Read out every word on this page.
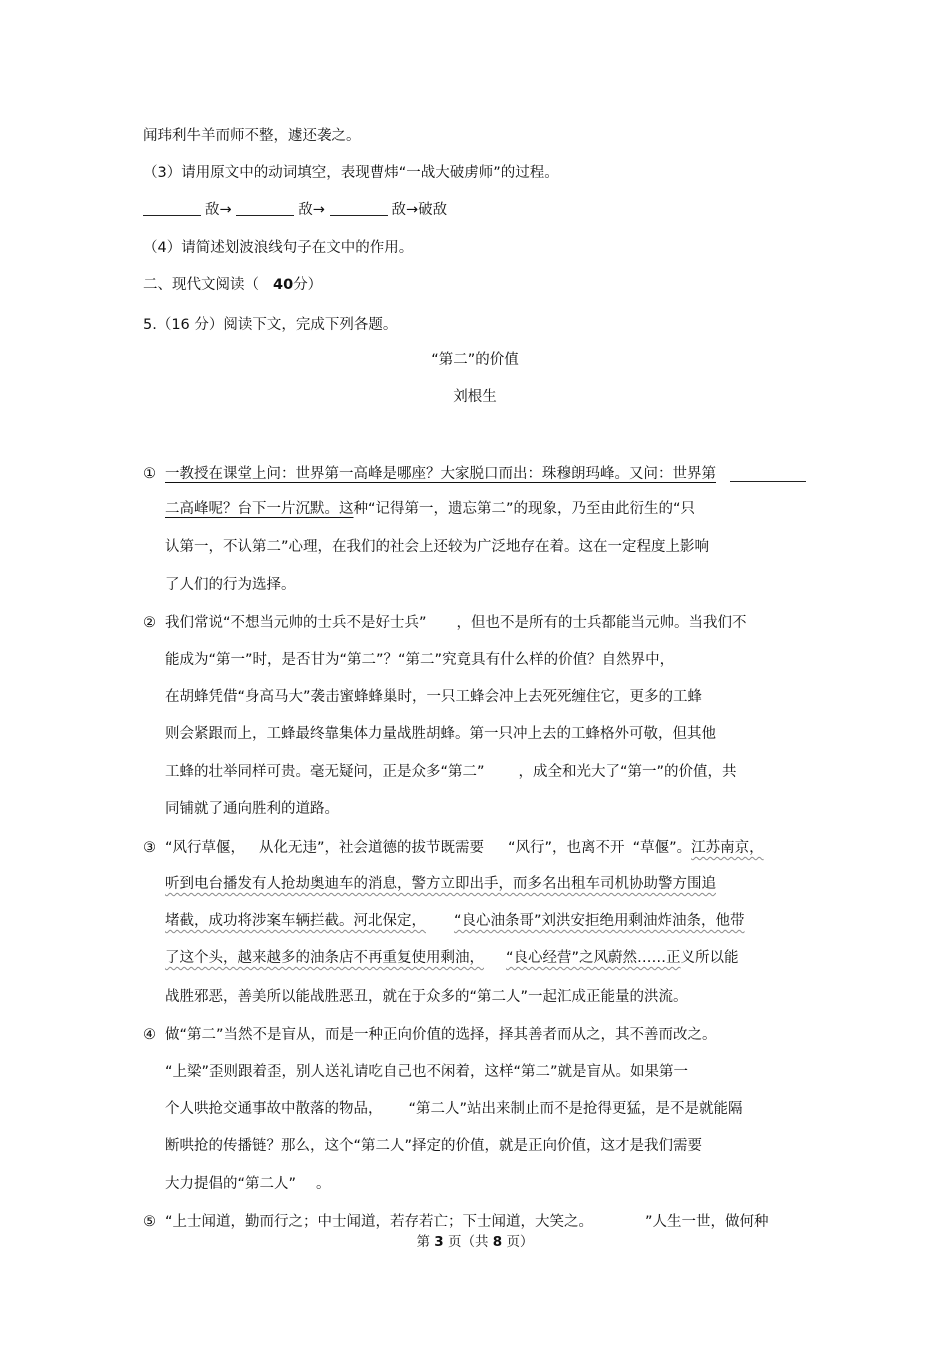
闻玮利牛羊而师不整，遽还袭之。
（3）请用原文中的动词填空，表现曹炜“一战大破虏师”的过程。
敌→	敌→	敌→破敌
（4）请简述划波浪线句子在文中的作用。
二、现代文阅读（ 40分）
5.（16 分）阅读下文，完成下列各题。
“第二”的价值
刘根生
① 一教授在课堂上问：世界第一高峰是哪座？大家脱口而出：珠穆朗玛峰。又问：世界第
二高峰呢？台下一片沉默。这种“记得第一，遗忘第二”的现象，乃至由此衍生的“只
认第一，不认第二”心理，在我们的社会上还较为广泛地存在着。这在一定程度上影响
了人们的行为选择。
② 我们常说“不想当元帅的士兵不是好士兵” ，但也不是所有的士兵都能当元帅。当我们不
能成为“第一”时，是否甘为“第二”？“第二”究竟具有什么样的价值？自然界中，
在胡蜂凭借“身高马大”袭击蜜蜂蜂巢时，一只工蜂会冲上去死死缠住它，更多的工蜂
则会紧跟而上，工蜂最终靠集体力量战胜胡蜂。第一只冲上去的工蜂格外可敬，但其他
工蜂的壮举同样可贵。毫无疑问，正是众多“第二” ，成全和光大了“第一”的价值，共
同铺就了通向胜利的道路。
③ “风行草偃， 从化无违”，社会道德的拔节既需要 “风行”，也离不开 “草偃”。江苏南京，
听到电台播发有人抢劫奥迪车的消息，警方立即出手，而多名出租车司机协助警方围追
堵截，成功将涉案车辆拦截。河北保定， “良心油条哥”刘洪安拒绝用剩油炸油条，他带
了这个头，越来越多的油条店不再重复使用剩油， “良心经营”之风蔚然……正义所以能
战胜邪恶，善美所以能战胜恶丑，就在于众多的“第二人”一起汇成正能量的洪流。
④ 做“第二”当然不是盲从，而是一种正向价值的选择，择其善者而从之，其不善而改之。
“上梁”歪则跟着歪，别人送礼请吃自己也不闲着，这样“第二”就是盲从。如果第一
个人哄抢交通事故中散落的物品， “第二人”站出来制止而不是抢得更猛，是不是就能隔
断哄抢的传播链？那么，这个“第二人”择定的价值，就是正向价值，这才是我们需要
大力提倡的“第二人” 。
⑤ “上士闻道，勤而行之；中士闻道，若存若亡；下士闻道，大笑之。	”人生一世，做何种
第 3 页（共 8 页）
